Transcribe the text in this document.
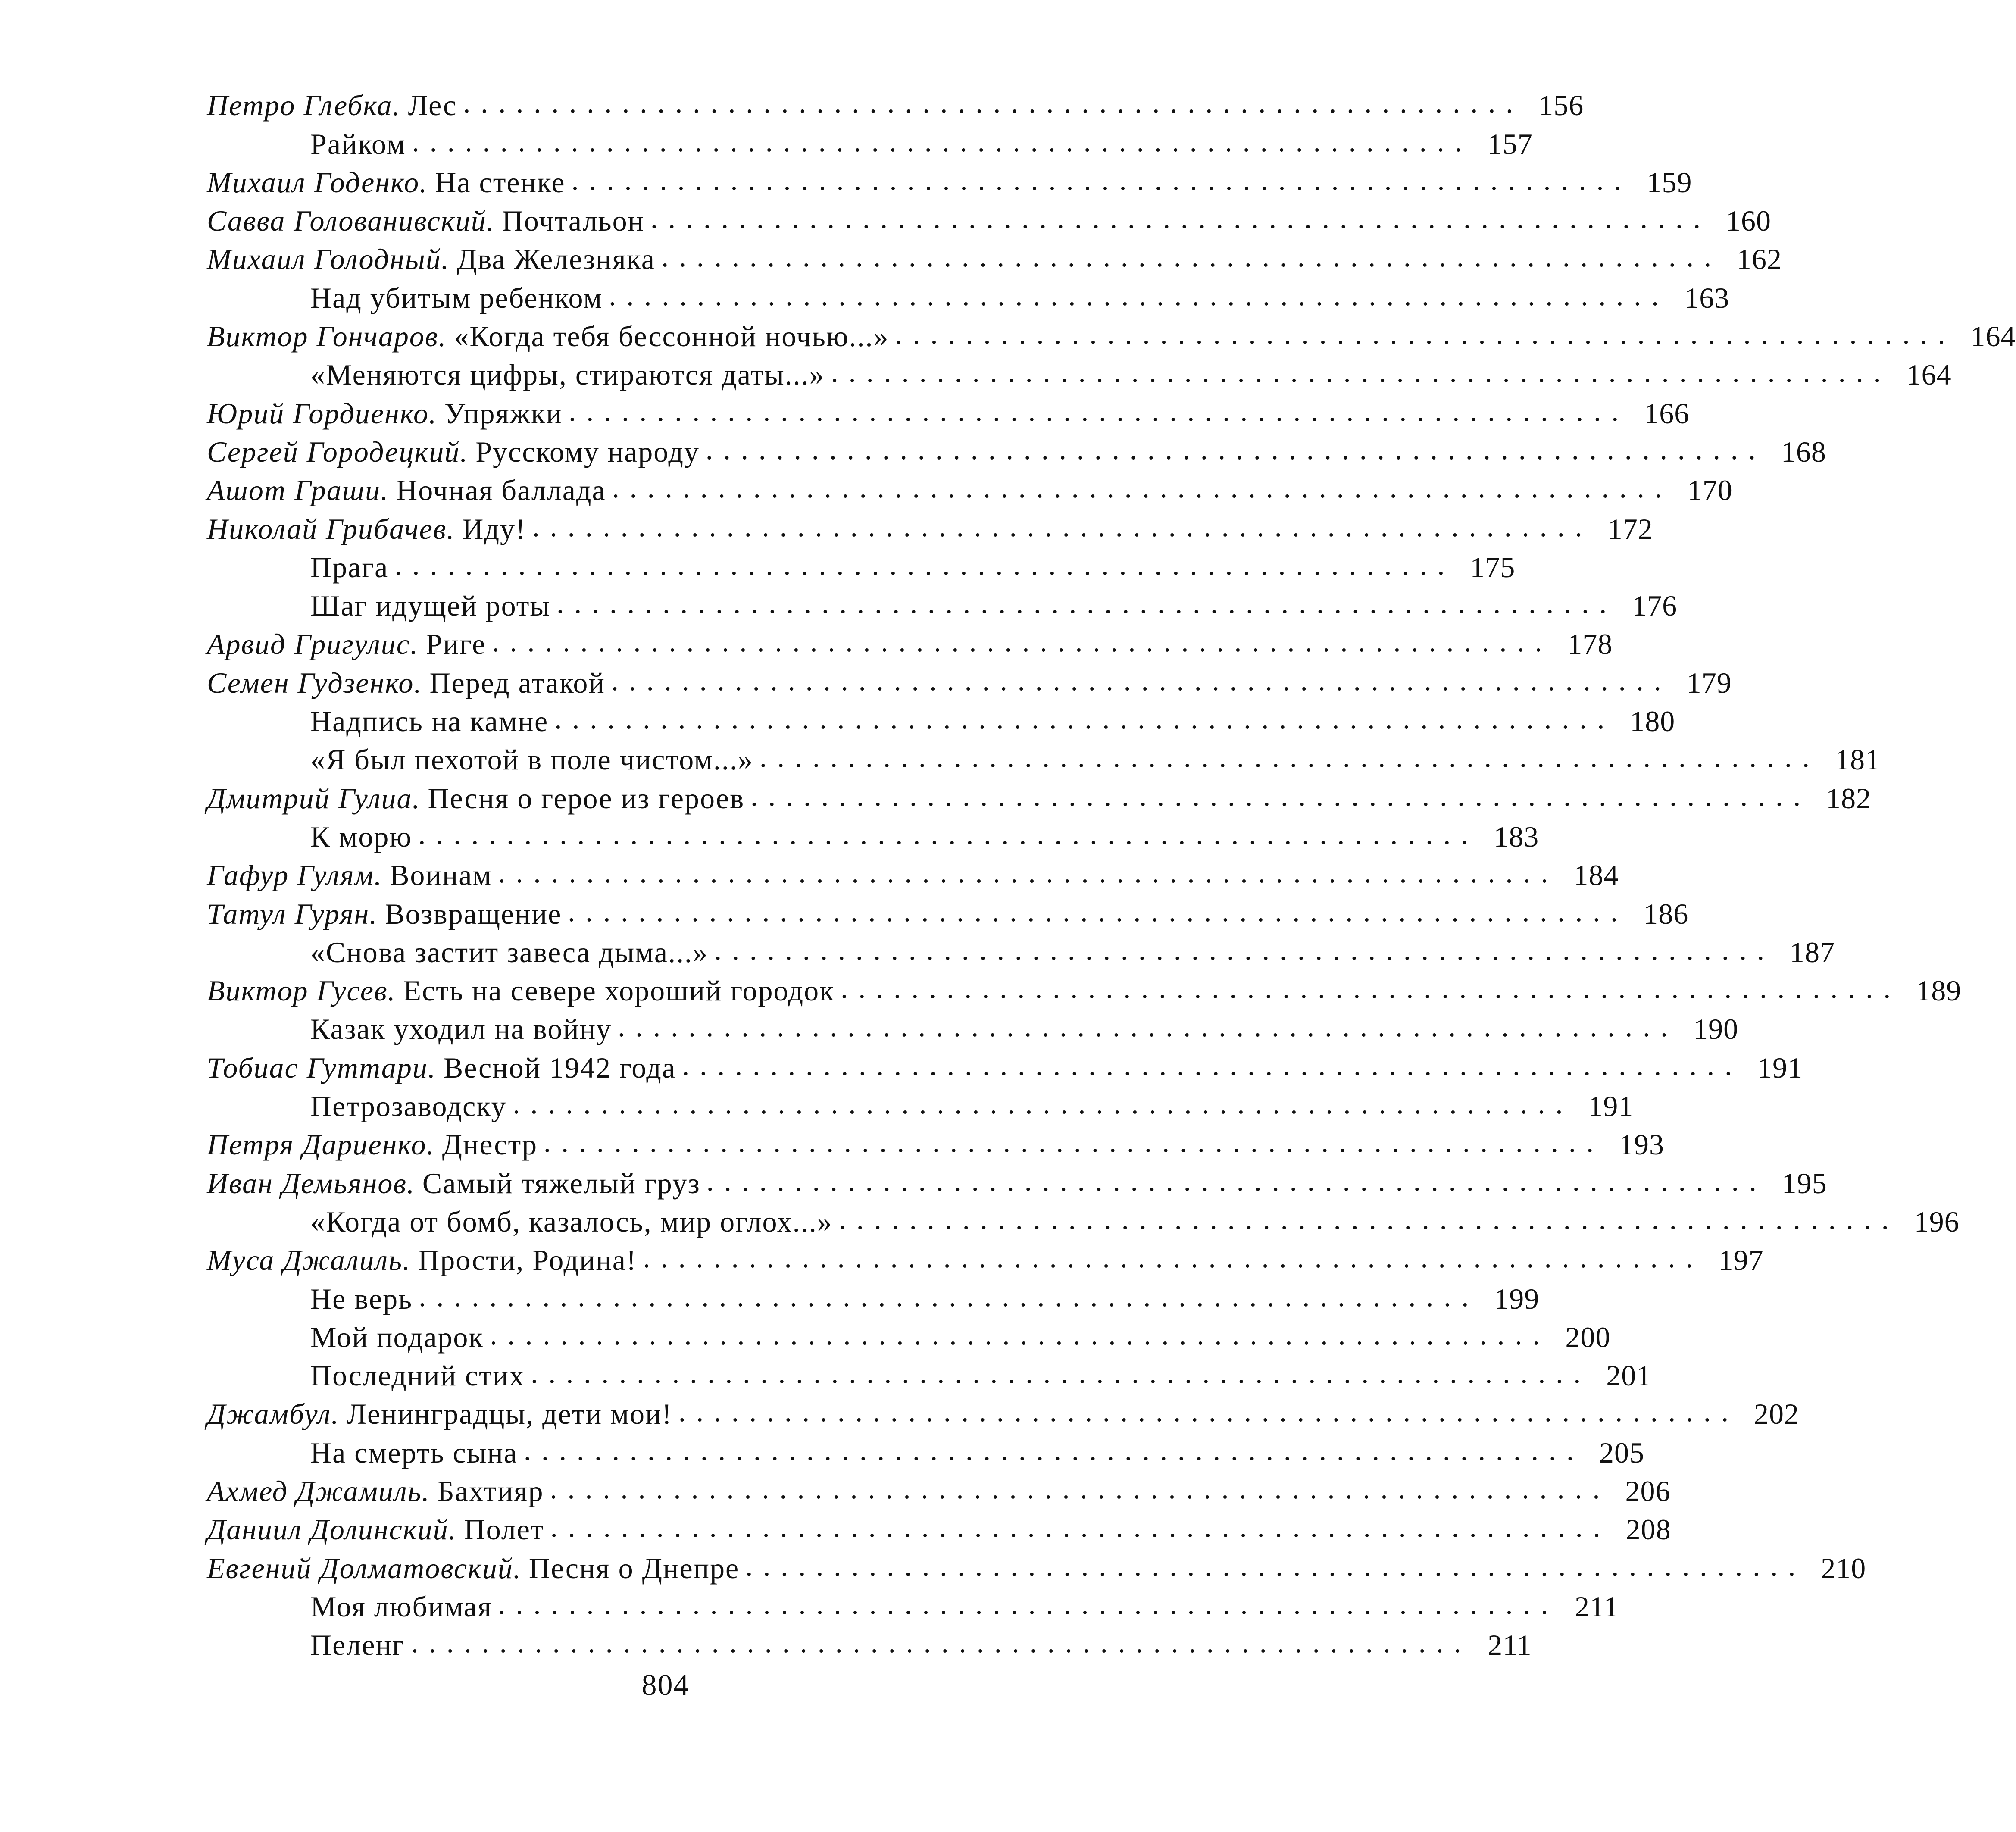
Петро Глебка. Лес ............................................................ 156
Райком ............................................................ 157
Михаил Годенко. На стенке ............................................................ 159
Савва Голованивский. Почтальон ............................................................ 160
Михаил Голодный. Два Железняка ............................................................ 162
Над убитым ребенком ............................................................ 163
Виктор Гончаров. «Когда тебя бессонной ночью...» ............................................................ 164
«Меняются цифры, стираются даты...» ............................................................ 164
Юрий Гордиенко. Упряжки ............................................................ 166
Сергей Городецкий. Русскому народу ............................................................ 168
Ашот Граши. Ночная баллада ............................................................ 170
Николай Грибачев. Иду! ............................................................ 172
Прага ............................................................ 175
Шаг идущей роты ............................................................ 176
Арвид Григулис. Риге ............................................................ 178
Семен Гудзенко. Перед атакой ............................................................ 179
Надпись на камне ............................................................ 180
«Я был пехотой в поле чистом...» ............................................................ 181
Дмитрий Гулиа. Песня о герое из героев ............................................................ 182
К морю ............................................................ 183
Гафур Гулям. Воинам ............................................................ 184
Татул Гурян. Возвращение ............................................................ 186
«Снова застит завеса дыма...» ............................................................ 187
Виктор Гусев. Есть на севере хороший городок ............................................................ 189
Казак уходил на войну ............................................................ 190
Тобиас Гуттари. Весной 1942 года ............................................................ 191
Петрозаводску ............................................................ 191
Петря Дариенко. Днестр ............................................................ 193
Иван Демьянов. Самый тяжелый груз ............................................................ 195
«Когда от бомб, казалось, мир оглох...» ............................................................ 196
Муса Джалиль. Прости, Родина! ............................................................ 197
Не верь ............................................................ 199
Мой подарок ............................................................ 200
Последний стих ............................................................ 201
Джамбул. Ленинградцы, дети мои! ............................................................ 202
На смерть сына ............................................................ 205
Ахмед Джамиль. Бахтияр ............................................................ 206
Даниил Долинский. Полет ............................................................ 208
Евгений Долматовский. Песня о Днепре ............................................................ 210
Моя любимая ............................................................ 211
Пеленг ............................................................ 211
804
